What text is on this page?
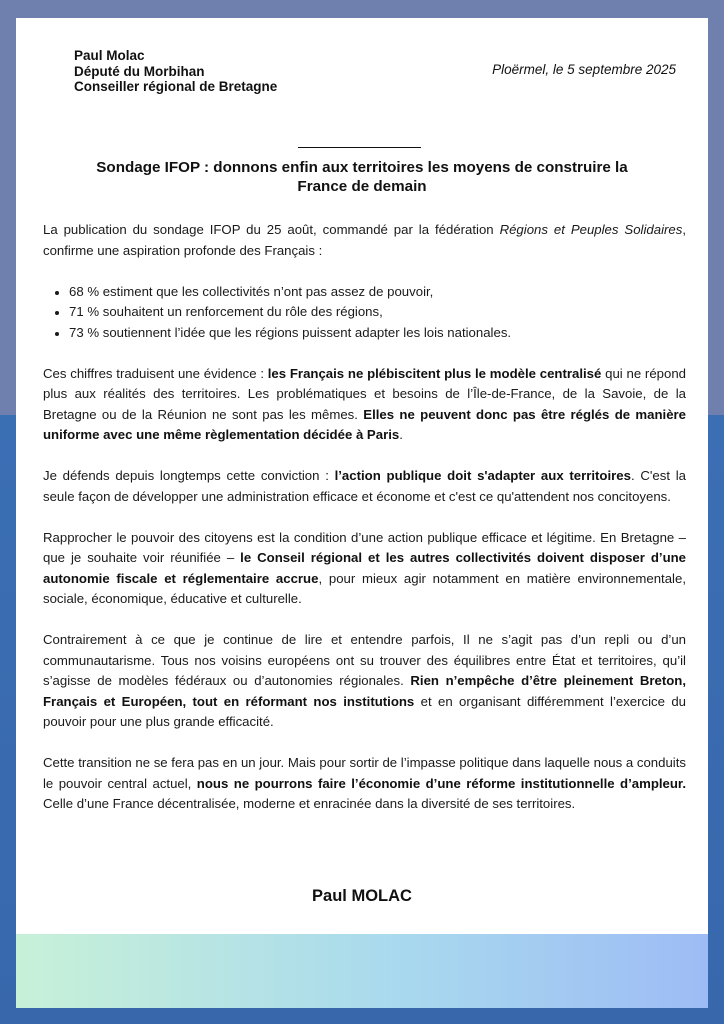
Paul Molac
Député du Morbihan
Conseiller régional de Bretagne
Ploërmel, le 5 septembre 2025
Sondage IFOP : donnons enfin aux territoires les moyens de construire la France de demain

La publication du sondage IFOP du 25 août, commandé par la fédération Régions et Peuples Solidaires, confirme une aspiration profonde des Français :

• 68 % estiment que les collectivités n’ont pas assez de pouvoir,
• 71 % souhaitent un renforcement du rôle des régions,
• 73 % soutiennent l’idée que les régions puissent adapter les lois nationales.

Ces chiffres traduisent une évidence : les Français ne plébiscitent plus le modèle centralisé qui ne répond plus aux réalités des territoires. Les problématiques et besoins de l’Île-de-France, de la Savoie, de la Bretagne ou de la Réunion ne sont pas les mêmes. Elles ne peuvent donc pas être réglés de manière uniforme avec une même règlementation décidée à Paris.

Je défends depuis longtemps cette conviction : l’action publique doit s'adapter aux territoires. C'est la seule façon de développer une administration efficace et économe et c'est ce qu'attendent nos concitoyens.

Rapprocher le pouvoir des citoyens est la condition d’une action publique efficace et légitime. En Bretagne – que je souhaite voir réunifiée – le Conseil régional et les autres collectivités doivent disposer d’une autonomie fiscale et réglementaire accrue, pour mieux agir notamment en matière environnementale, sociale, économique, éducative et culturelle.

Contrairement à ce que je continue de lire et entendre parfois, Il ne s’agit pas d’un repli ou d’un communautarisme. Tous nos voisins européens ont su trouver des équilibres entre État et territoires, qu’il s’agisse de modèles fédéraux ou d’autonomies régionales. Rien n’empêche d’être pleinement Breton, Français et Européen, tout en réformant nos institutions et en organisant différemment l’exercice du pouvoir pour une plus grande efficacité.

Cette transition ne se fera pas en un jour. Mais pour sortir de l’impasse politique dans laquelle nous a conduits le pouvoir central actuel, nous ne pourrons faire l’économie d’une réforme institutionnelle d’ampleur. Celle d’une France décentralisée, moderne et enracinée dans la diversité de ses territoires.

Paul MOLAC
